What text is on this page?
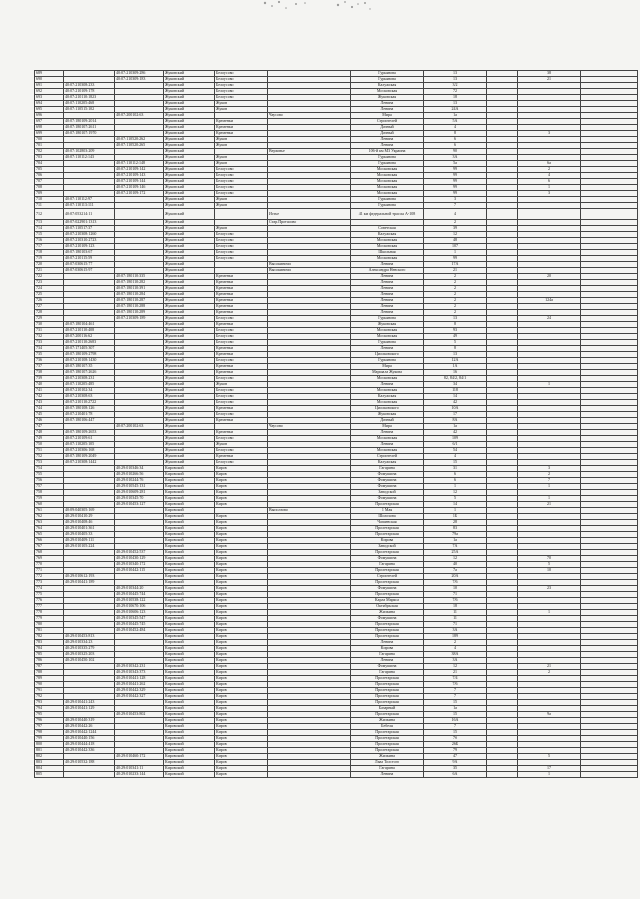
689		40:07:210309:286	Жуковский	Белоусово		Гурьянова	13		38	
690		40:07:210309:183	Жуковский	Белоусово		Гурьянова	13		21	
691	40:07:210308:233		Жуковский	Белоусово		Калужская	3/2			
692	40:07:210109:178		Жуковский	Белоусово		Московская	72			
693	40:07:210110:1823		Жуковский	Белоусово		Жуковская	18			
694	40:07:110205:468		Жуковский	Жуков		Ленина	13			
695	40:07:110515:102		Жуковский	Жуков		Ленина	24А			
696		40:07:200102:63	Жуковский		Чаусово	Мира	1а			
697	40:07:180109:2014		Жуковский	Кременки		Строителей	5А			
698	40:07:180107:2611		Жуковский	Кременки		Дачный	4			
699	40:07:180107:1970		Жуковский	Кременки		Дачный	8		3	
700		40:07:110520:262	Жуковский	Жуков		Ленина	6			
701		40:07:110520:265	Жуковский	Жуков		Ленина	6			
702	40:07:102803:209		Жуковский		Верховье	106-й км М3 Украина	90			
703	40:07:110112:143		Жуковский	Жуков		Гурьянова	3А			
704		40:07:110112:148	Жуковский	Жуков		Гурьянова	5а		6а	
705		40:07:210109:142	Жуковский	Белоусово		Московская	99		2	
706		40:07:210109:143	Жуковский	Белоусово		Московская	99		4	
707		40:07:210109:144	Жуковский	Белоусово		Московская	99		6	
708		40:07:210109:146	Жуковский	Белоусово		Московская	99		1	
709		40:07:210109:172	Жуковский	Белоусово		Московская	99		3	
710	40:07:110112:97		Жуковский	Жуков		Гурьянова	3			
711	40:07:110113:111		Жуковский	Жуков		Гурьянова	7			
712	40:07:053214:11		Жуковский		Истье	41 км федеральной трассы А-108	4			
713	40:07:022901:1313		Жуковский		Стар.Протасово		2			
714	40:07:110517:37		Жуковский	Жуков		Советская	39			
715	40:07:210308:1260		Жуковский	Белоусово		Калужская	12			
716	40:07:210310:2723		Жуковский	Белоусово		Московская	48			
717	40:07:210109:123		Жуковский	Белоусово		Московская	107			
718	40:07:180103:67		Жуковский	Белоусово		Школьная	1			
719	40:07:210115:59		Жуковский	Белоусово		Московская	99			
720	40:07:030615:77		Жуковский		Высокиничи	Ленина	17А			
721	40:07:030615:97		Жуковский		Высокиничи	Александра Невского	21			
722		40:07:180110:335	Жуковский	Кременки		Ленина	2		20	
723		40:07:180110:282	Жуковский	Кременки		Ленина	2			
724		40:07:180110:391	Жуковский	Кременки		Ленина	2			
725		40:07:180110:284	Жуковский	Кременки		Ленина	2			
726		40:07:180110:287	Жуковский	Кременки		Ленина	2		124а	
727		40:07:180110:288	Жуковский	Кременки		Ленина	2			
728		40:07:180110:289	Жуковский	Кременки		Ленина	2			
729		40:07:210309:189	Жуковский	Белоусово		Гурьянова	13		24	
730	40:07:180104:461		Жуковский	Кременки		Жуковская	8			
731	40:07:210110:408		Жуковский	Белоусово		Московская	93			
732	40:07:200116:62		Жуковский	Белоусово		Московская	49			
733	40:07:210110:2683		Жуковский	Белоусово		Гурьянова	5			
734	40:07:171405:307		Жуковский	Кременки		Ленина	8			
735	40:07:180109:2798		Жуковский	Кременки		Циолковского	13			
736	40:07:210108:1430		Жуковский	Белоусово		Гурьянова	12А			
737	40:07:180107:35		Жуковский	Кременки		Мира	1А			
738	40:07:180107:2626		Жуковский	Кременки		Маршала Жукова	16			
739	40:07:210308:231		Жуковский	Белоусово		Московская	82, 84/2, 84/1			
740	40:07:110205:485		Жуковский	Жуков		Ленина	34		1	
741	40:07:210102:34		Жуковский	Белоусово		Московская	118			
742	40:07:210308:63		Жуковский	Белоусово		Калужская	14			
743	40:07:210110:2722		Жуковский	Белоусово		Московская	42			
744	40:07:180108:126		Жуковский	Кременки		Циолковского	10А			
745	40:07:210401:78		Жуковский	Белоусово		Жуковская	17			
746	40:07:180106:447		Жуковский	Кременки		Дачный	8А			
747		40:07:200102:63	Жуковский		Чаусово	Мира	1а			
748	40:07:180109:2653		Жуковский	Кременки		Ленина	42			
749	40:07:210109:61		Жуковский	Белоусово		Московская	109			
750	40:07:110205:105		Жуковский	Жуков		Ленина	6/1			
751	40:07:210306:168		Жуковский	Белоусово		Московская	54			
752	40:07:180109:2049		Жуковский	Кременки		Строителей	4			
753	40:07:210308:1442		Жуковский	Белоусово		Калужская	15			
754		40:29:010346:34	Кировский	Киров		Гагарина	31		3	
755		40:29:010266:56	Кировский	Киров		Фомушина	6		2	
756		40:29:010244:76	Кировский	Киров		Фомушина	6		7	
757		40:29:010545:131	Кировский	Киров		Фомушина	1		1	
758		40:29:010609:281	Кировский	Киров		Заводской	12			
759		40:29:010345:70	Кировский	Киров		Фомушина	5		1	
760		40:29:010453:127	Кировский	Киров		Пролетарская	14		21	
761	40:09:040305:169		Кировский		Выползово	1 Мая	1			
762	40:29:010410:29		Кировский	Киров		Шолохова	1Б			
763	40:29:010408:46		Кировский	Киров		Чапаевская	28			
764	40:29:010401:361		Кировский	Киров		Пролетарская	83			
765	40:29:010405:33		Кировский	Киров		Пролетарская	79а			
766	40:29:010409:111		Кировский	Киров		Кирова	1а			
767	40:29:010105:224		Кировский	Киров		Заводской	7А			
768		40:29:010452:537	Кировский	Киров		Пролетарская	25А			
769		40:29:010430:129	Кировский	Киров		Фомушина	12		70	
770		40:29:010340:172	Кировский	Киров		Гагарина	40		5	
771		40:29:010442:115	Кировский	Киров		Пролетарская	7а		10	
772	40:29:010612:193		Кировский	Киров		Строителей	20А			
773	40:29:010441:189		Кировский	Киров		Пролетарская	7/6			
774		40:29:010344:20	Кировский	Киров		Фомушина	10		23	
775		40:29:010445:744	Кировский	Киров		Пролетарская	71			
776		40:29:010538:122	Кировский	Киров		Карла Маркса	7/6			
777		40:29:010670:106	Кировский	Киров		Октябрьская	18			
778		40:29:010606:123	Кировский	Киров		Жилкина	11		1	
779		40:29:010345:547	Кировский	Киров		Фомушина	11			
780		40:29:010445:745	Кировский	Киров		Пролетарская	71			
781		40:29:010452:484	Кировский	Киров		Пролетарская	3А			
782	40:29:010453:813		Кировский	Киров		Пролетарская	189			
783	40:29:010334:23		Кировский	Киров		Ленина	2			
784	40:29:010335:279		Кировский	Киров		Кирова	4			
785	40:29:010325:203		Кировский	Киров		Гагарина	38А			
786	40:29:010450:102		Кировский	Киров		Ленина	3А			
787		40:29:010342:231	Кировский	Киров		Фомушина	12		21	
788		40:29:010343:373	Кировский	Киров		Гагарина	21		2	
789		40:29:010441:128	Кировский	Киров		Пролетарская	7/4			
790		40:29:010441:262	Кировский	Киров		Пролетарская	7/6			
791		40:29:010442:329	Кировский	Киров		Пролетарская	7			
792		40:29:010442:327	Кировский	Киров		Пролетарская	7			
793	40:29:010441:243		Кировский	Киров		Пролетарская	15			
794	40:29:010441:129		Кировский	Киров		Базарный	1а			
795		40:29:010453:802	Кировский	Киров		Пролетарская	15		9а	
796	40:29:010440:319		Кировский	Киров		Жилкина	16А			
797	40:29:010442:26		Кировский	Киров		Бебеля	7			
798	40:29:010442:1244		Кировский	Киров		Пролетарская	15			
799	40:29:010440:156		Кировский	Киров		Пролетарская	7б			
800	40:29:010444:418		Кировский	Киров		Пролетарская	26Б			
801	40:29:010442:336		Кировский	Киров		Пролетарская	79			
802		40:29:010460:172	Кировский	Киров		Жилкина	47		5	
803	40:29:010532:188		Кировский	Киров		Льва Толстого	9А			
804		40:29:010341:11	Кировский	Киров		Гагарина	35		17	
805		40:29:010233:144	Кировский	Киров		Ленина	6А		1	
